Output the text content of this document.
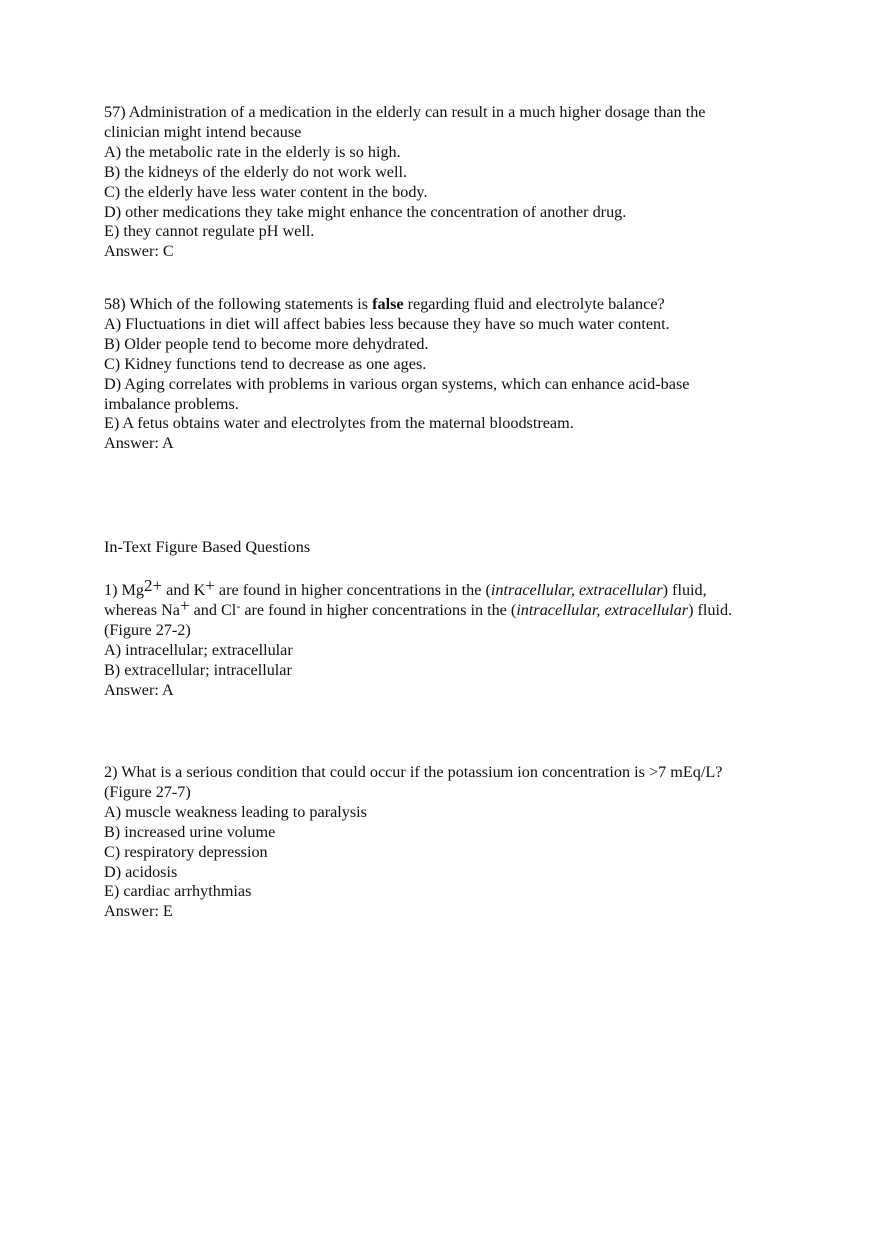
57) Administration of a medication in the elderly can result in a much higher dosage than the
clinician might intend because
A) the metabolic rate in the elderly is so high.
B) the kidneys of the elderly do not work well.
C) the elderly have less water content in the body.
D) other medications they take might enhance the concentration of another drug.
E) they cannot regulate pH well.
Answer: C
58) Which of the following statements is false regarding fluid and electrolyte balance?
A) Fluctuations in diet will affect babies less because they have so much water content.
B) Older people tend to become more dehydrated.
C) Kidney functions tend to decrease as one ages.
D) Aging correlates with problems in various organ systems, which can enhance acid-base
imbalance problems.
E) A fetus obtains water and electrolytes from the maternal bloodstream.
Answer: A
In-Text Figure Based Questions
1) $Mg^{2+}$ and K+ are found in higher concentrations in the (intracellular, extracellular) fluid,
whereas Na+ and Cl- are found in higher concentrations in the (intracellular, extracellular) fluid.
(Figure 27-2)
A) intracellular; extracellular
B) extracellular; intracellular
Answer: A
2) What is a serious condition that could occur if the potassium ion concentration is >7 mEq/L?
(Figure 27-7)
A) muscle weakness leading to paralysis
B) increased urine volume
C) respiratory depression
D) acidosis
E) cardiac arrhythmias
Answer: E
